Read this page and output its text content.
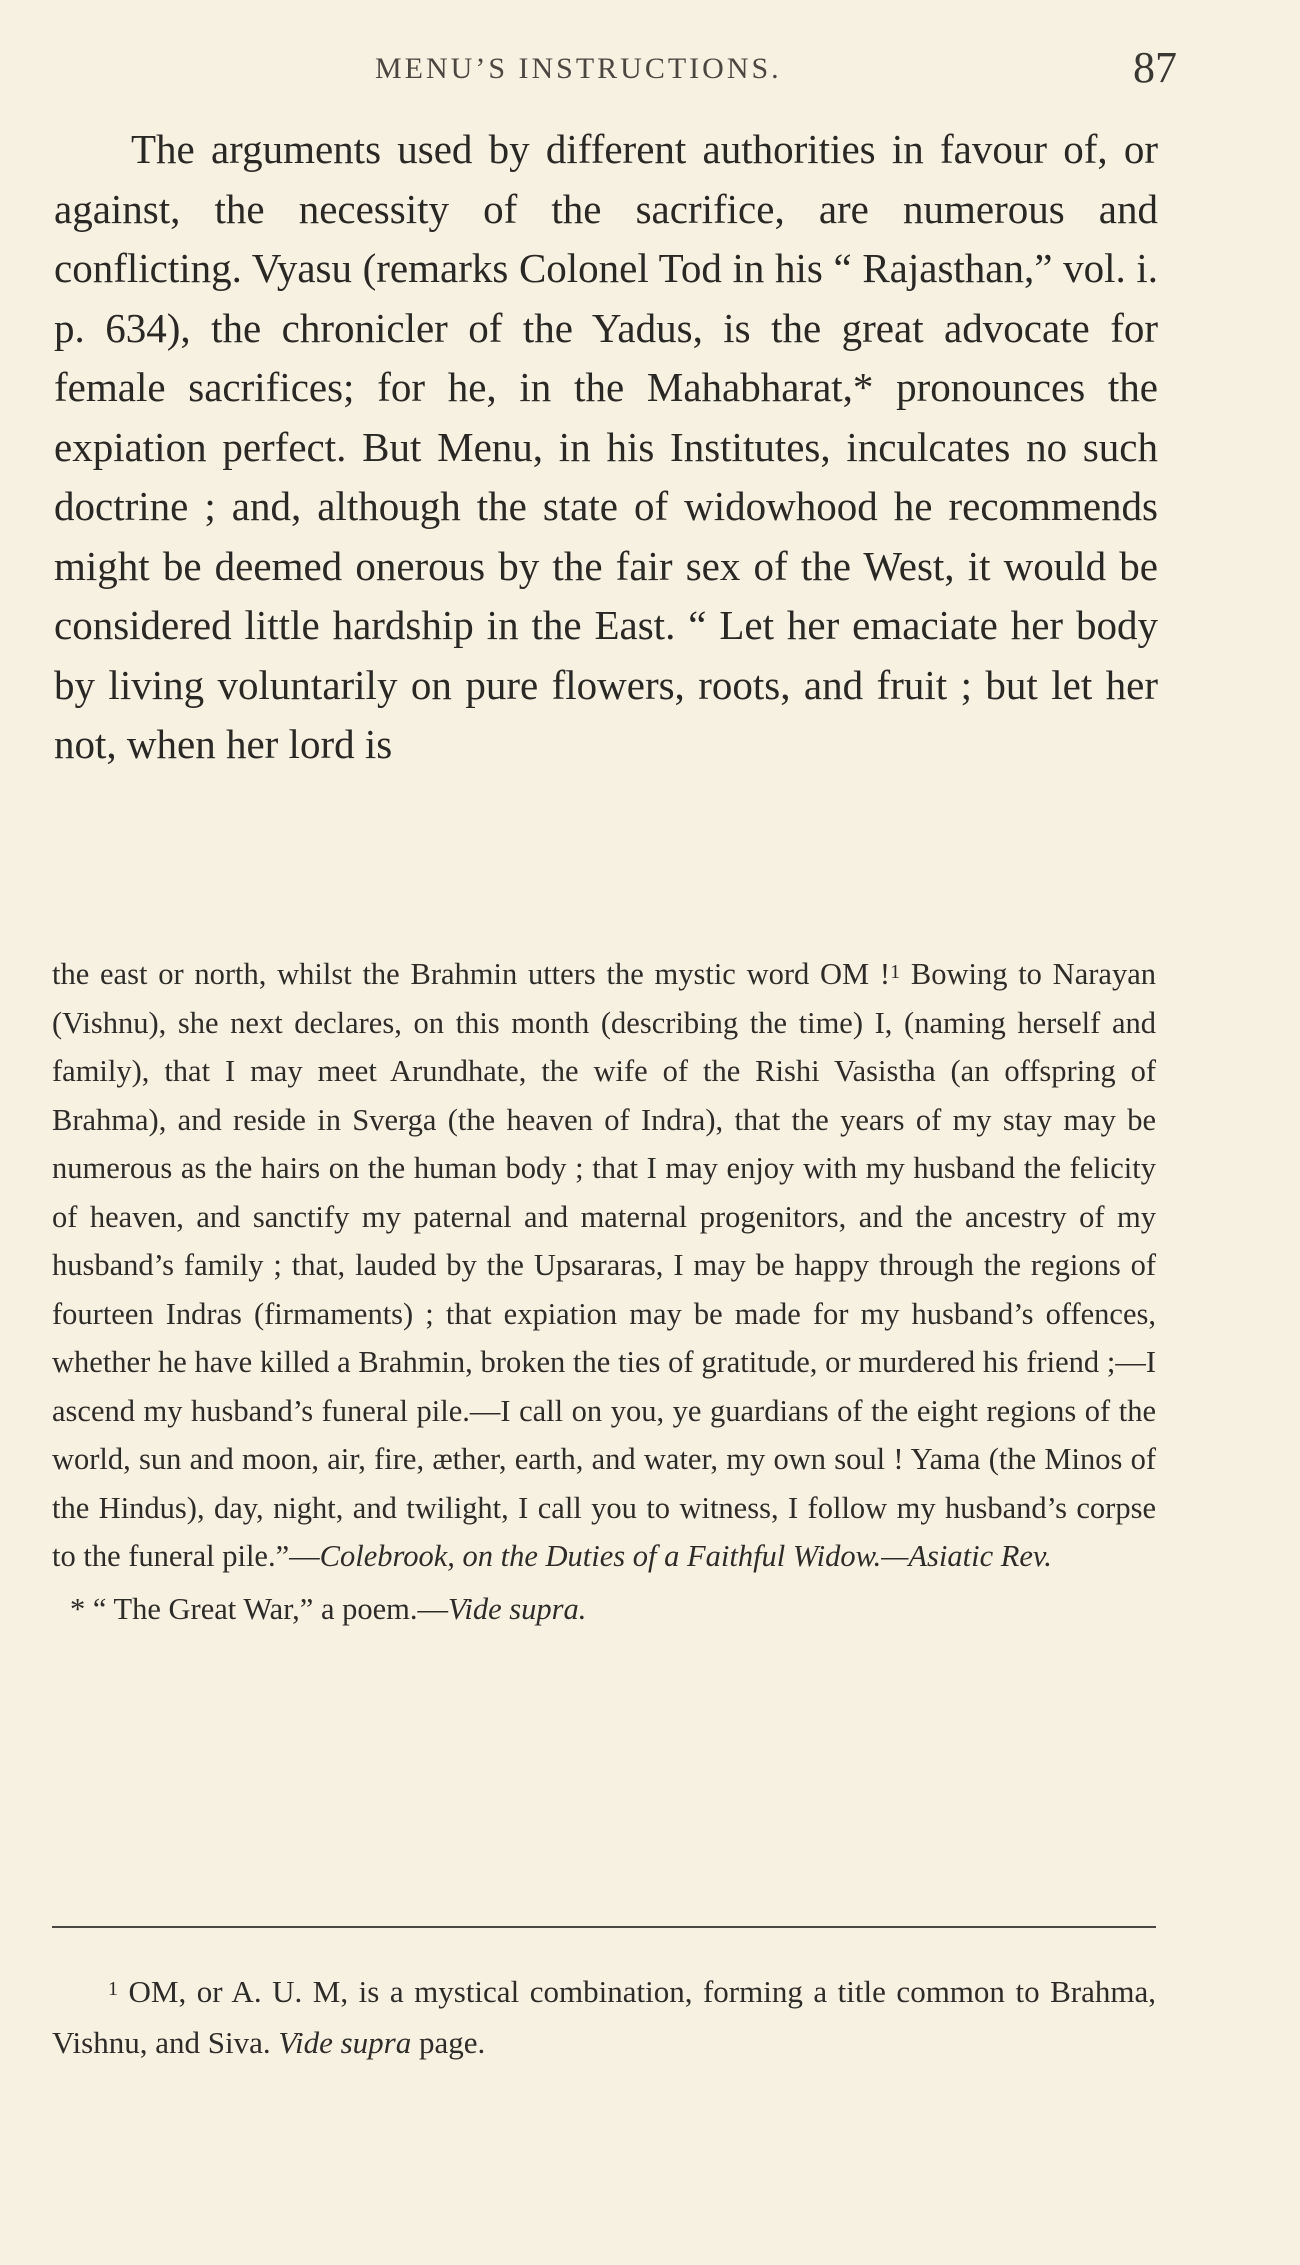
MENU’S INSTRUCTIONS.	87
The arguments used by different authorities in favour of, or against, the necessity of the sacrifice, are numerous and conflicting. Vyasu (remarks Colonel Tod in his “ Rajasthan,” vol. i. p. 634), the chronicler of the Yadus, is the great advocate for female sacrifices; for he, in the Mahabharat,* pronounces the expiation perfect. But Menu, in his Institutes, inculcates no such doctrine ; and, although the state of widowhood he recommends might be deemed onerous by the fair sex of the West, it would be considered little hardship in the East. “ Let her emaciate her body by living voluntarily on pure flowers, roots, and fruit ; but let her not, when her lord is

the east or north, whilst the Brahmin utters the mystic word OM !$^1$ Bowing to Narayan (Vishnu), she next declares, on this month (describing the time) I, (naming herself and family), that I may meet Arundhate, the wife of the Rishi Vasistha (an offspring of Brahma), and reside in Sverga (the heaven of Indra), that the years of my stay may be numerous as the hairs on the human body ; that I may enjoy with my husband the felicity of heaven, and sanctify my paternal and maternal progenitors, and the ancestry of my husband’s family ; that, lauded by the Upsararas, I may be happy through the regions of fourteen Indras (firmaments) ; that expiation may be made for my husband’s offences, whether he have killed a Brahmin, broken the ties of gratitude, or murdered his friend ;—I ascend my husband’s funeral pile.—I call on you, ye guardians of the eight regions of the world, sun and moon, air, fire, æther, earth, and water, my own soul ! Yama (the Minos of the Hindus), day, night, and twilight, I call you to witness, I follow my husband’s corpse to the funeral pile.”—Colebrook, on the Duties of a Faithful Widow.—Asiatic Rev.

* “ The Great War,” a poem.—Vide supra.

$^1$ OM, or A. U. M, is a mystical combination, forming a title common to Brahma, Vishnu, and Siva. Vide supra page.
